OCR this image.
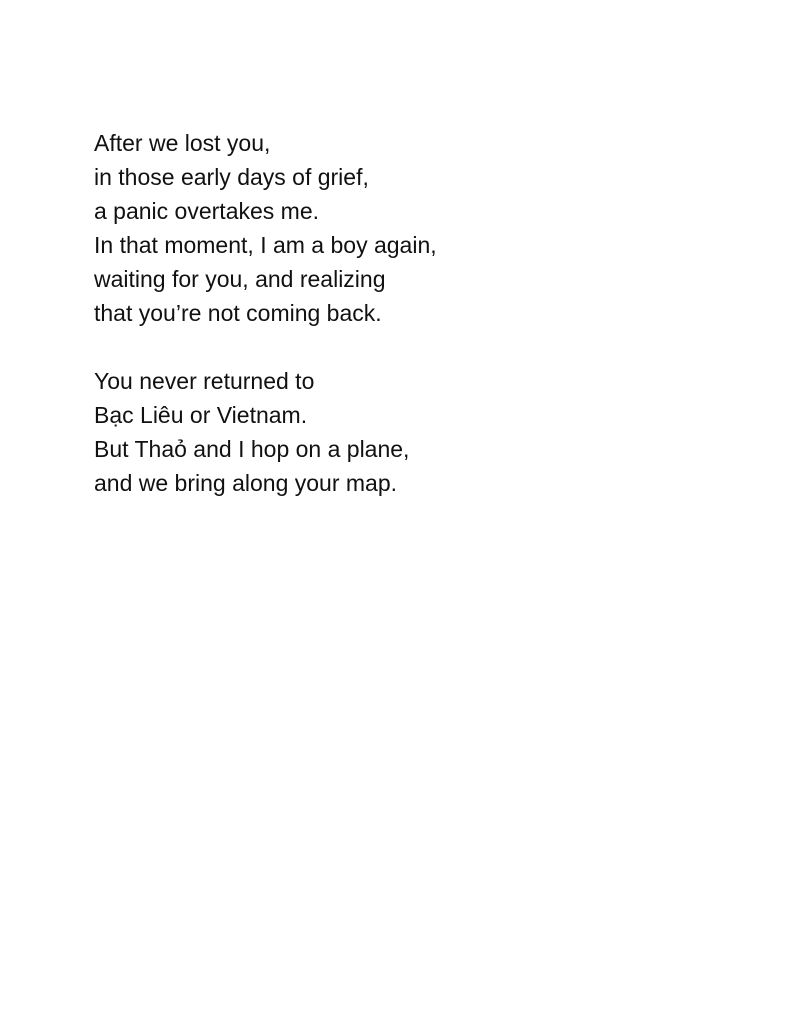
After we lost you,
in those early days of grief,
a panic overtakes me.
In that moment, I am a boy again,
waiting for you, and realizing
that you’re not coming back.

You never returned to
Bạc Liêu or Vietnam.
But Thaỏ and I hop on a plane,
and we bring along your map.
